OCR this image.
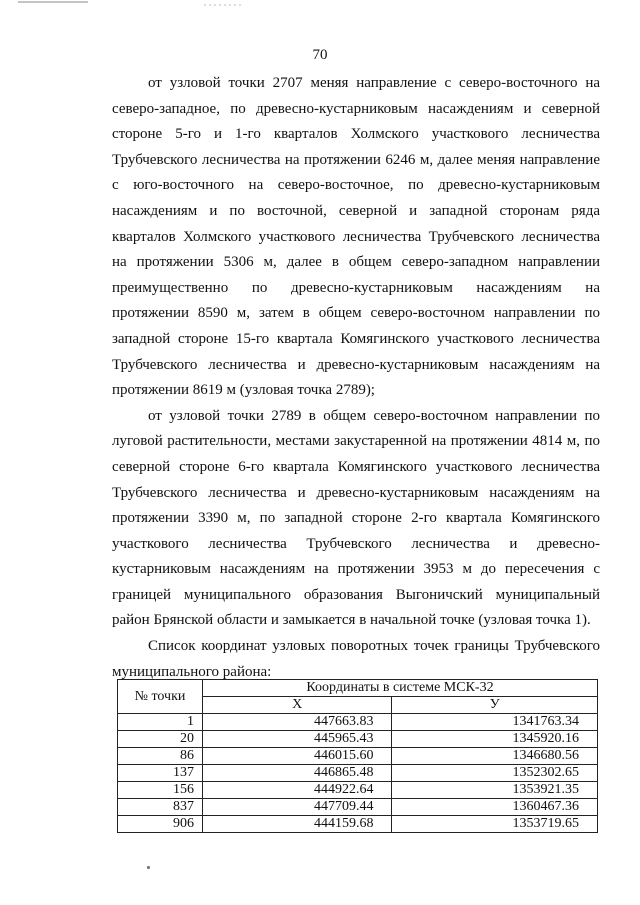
70

от узловой точки 2707 меняя направление с северо-восточного на северо-западное, по древесно-кустарниковым насаждениям и северной стороне 5-го и 1-го кварталов Холмского участкового лесничества Трубчевского лесничества на протяжении 6246 м, далее меняя направление с юго-восточного на северо-восточное, по древесно-кустарниковым насаждениям и по восточной, северной и западной сторонам ряда кварталов Холмского участкового лесничества Трубчевского лесничества на протяжении 5306 м, далее в общем северо-западном направлении преимущественно по древесно-кустарниковым насаждениям на протяжении 8590 м, затем в общем северо-восточном направлении по западной стороне 15-го квартала Комягинского участкового лесничества Трубчевского лесничества и древесно-кустарниковым насаждениям на протяжении 8619 м (узловая точка 2789);

от узловой точки 2789 в общем северо-восточном направлении по луговой растительности, местами закустаренной на протяжении 4814 м, по северной стороне 6-го квартала Комягинского участкового лесничества Трубчевского лесничества и древесно-кустарниковым насаждениям на протяжении 3390 м, по западной стороне 2-го квартала Комягинского участкового лесничества Трубчевского лесничества и древесно-кустарниковым насаждениям на протяжении 3953 м до пересечения с границей муниципального образования Выгоничский муниципальный район Брянской области и замыкается в начальной точке (узловая точка 1).

Список координат узловых поворотных точек границы Трубчевского муниципального района:

№ точки	Координаты в системе МСК-32	
	X	У
1	447663.83	1341763.34
20	445965.43	1345920.16
86	446015.60	1346680.56
137	446865.48	1352302.65
156	444922.64	1353921.35
837	447709.44	1360467.36
906	444159.68	1353719.65
